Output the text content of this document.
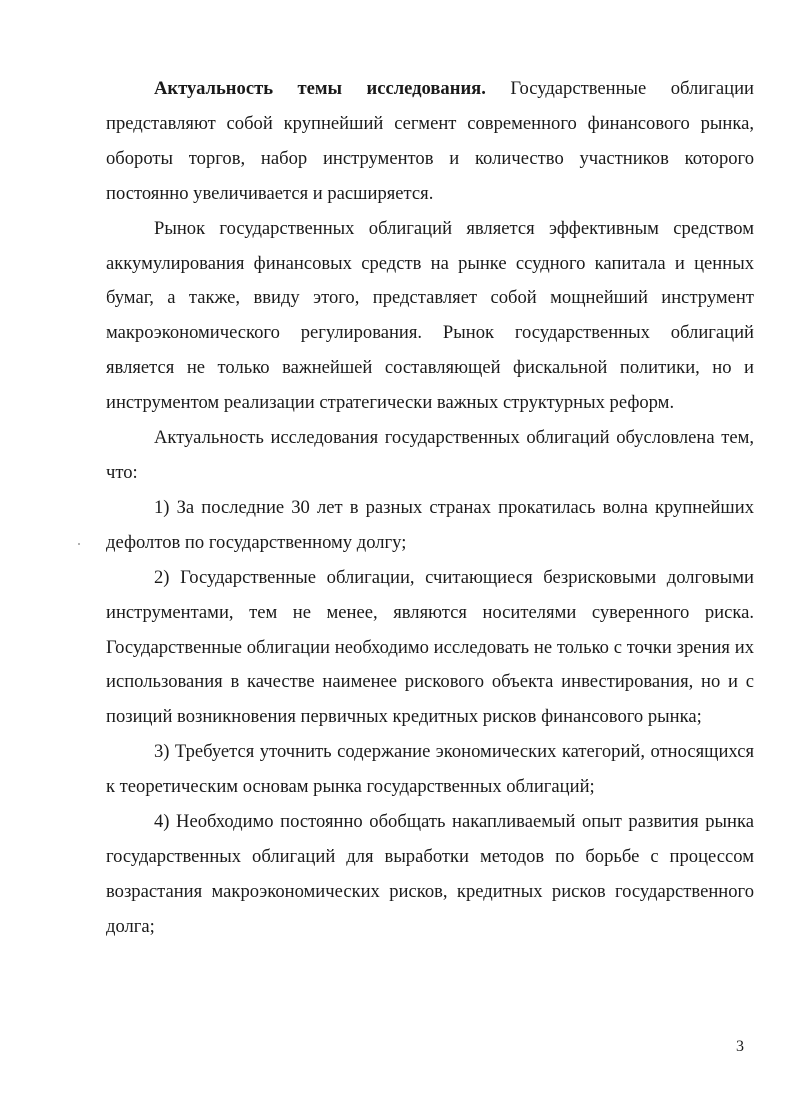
Актуальность темы исследования. Государственные облигации представляют собой крупнейший сегмент современного финансового рынка, обороты торгов, набор инструментов и количество участников которого постоянно увеличивается и расширяется.

Рынок государственных облигаций является эффективным средством аккумулирования финансовых средств на рынке ссудного капитала и ценных бумаг, а также, ввиду этого, представляет собой мощнейший инструмент макроэкономического регулирования. Рынок государственных облигаций является не только важнейшей составляющей фискальной политики, но и инструментом реализации стратегически важных структурных реформ.

Актуальность исследования государственных облигаций обусловлена тем, что:

1) За последние 30 лет в разных странах прокатилась волна крупнейших дефолтов по государственному долгу;

2) Государственные облигации, считающиеся безрисковыми долговыми инструментами, тем не менее, являются носителями суверенного риска. Государственные облигации необходимо исследовать не только с точки зрения их использования в качестве наименее рискового объекта инвестирования, но и с позиций возникновения первичных кредитных рисков финансового рынка;

3) Требуется уточнить содержание экономических категорий, относящихся к теоретическим основам рынка государственных облигаций;

4) Необходимо постоянно обобщать накапливаемый опыт развития рынка государственных облигаций для выработки методов по борьбе с процессом возрастания макроэкономических рисков, кредитных рисков государственного долга;

3
